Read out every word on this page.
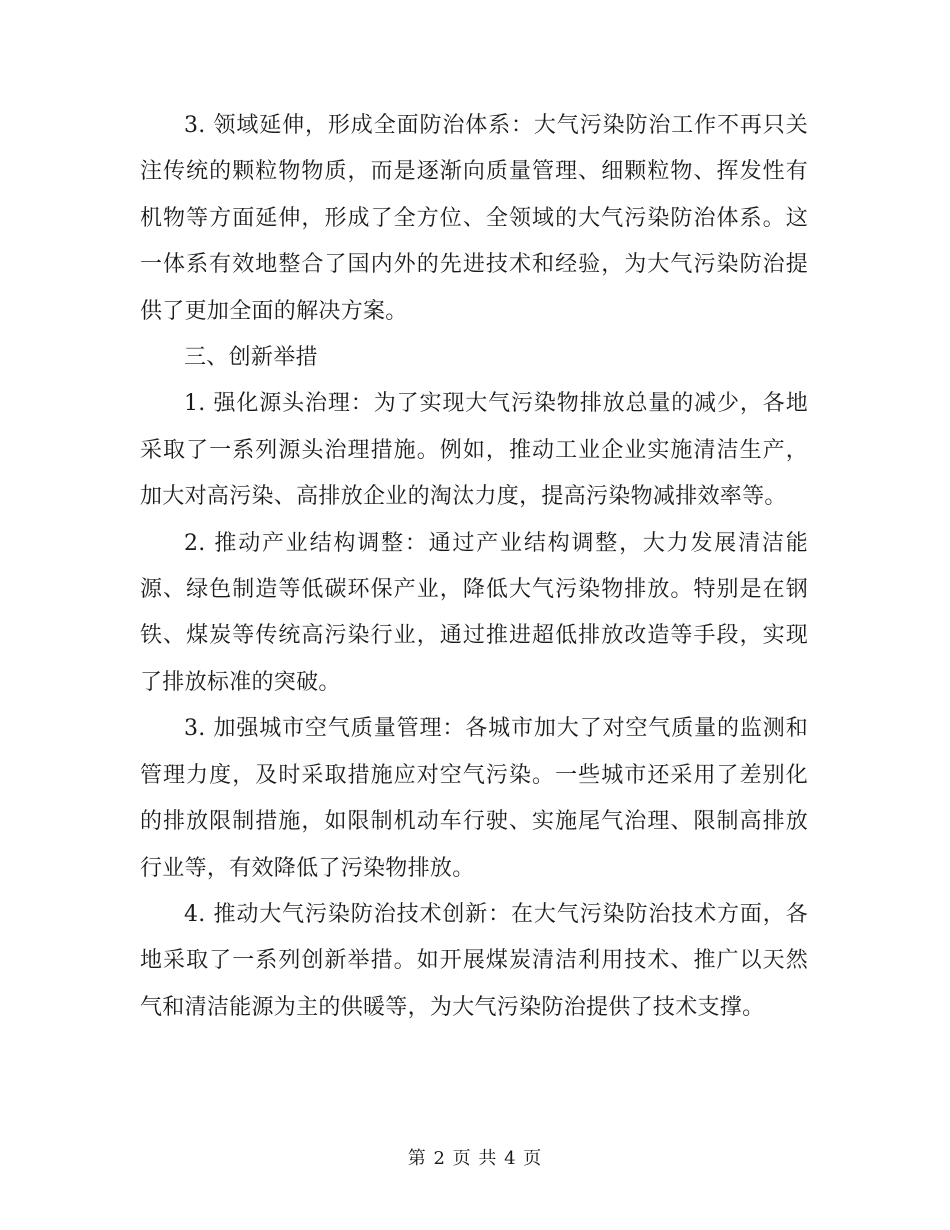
3. 领域延伸，形成全面防治体系：大气污染防治工作不再只关注传统的颗粒物物质，而是逐渐向质量管理、细颗粒物、挥发性有机物等方面延伸，形成了全方位、全领域的大气污染防治体系。这一体系有效地整合了国内外的先进技术和经验，为大气污染防治提供了更加全面的解决方案。

三、创新举措

1. 强化源头治理：为了实现大气污染物排放总量的减少，各地采取了一系列源头治理措施。例如，推动工业企业实施清洁生产，加大对高污染、高排放企业的淘汰力度，提高污染物减排效率等。

2. 推动产业结构调整：通过产业结构调整，大力发展清洁能源、绿色制造等低碳环保产业，降低大气污染物排放。特别是在钢铁、煤炭等传统高污染行业，通过推进超低排放改造等手段，实现了排放标准的突破。

3. 加强城市空气质量管理：各城市加大了对空气质量的监测和管理力度，及时采取措施应对空气污染。一些城市还采用了差别化的排放限制措施，如限制机动车行驶、实施尾气治理、限制高排放行业等，有效降低了污染物排放。

4. 推动大气污染防治技术创新：在大气污染防治技术方面，各地采取了一系列创新举措。如开展煤炭清洁利用技术、推广以天然气和清洁能源为主的供暖等，为大气污染防治提供了技术支撑。

第 2 页 共 4 页
